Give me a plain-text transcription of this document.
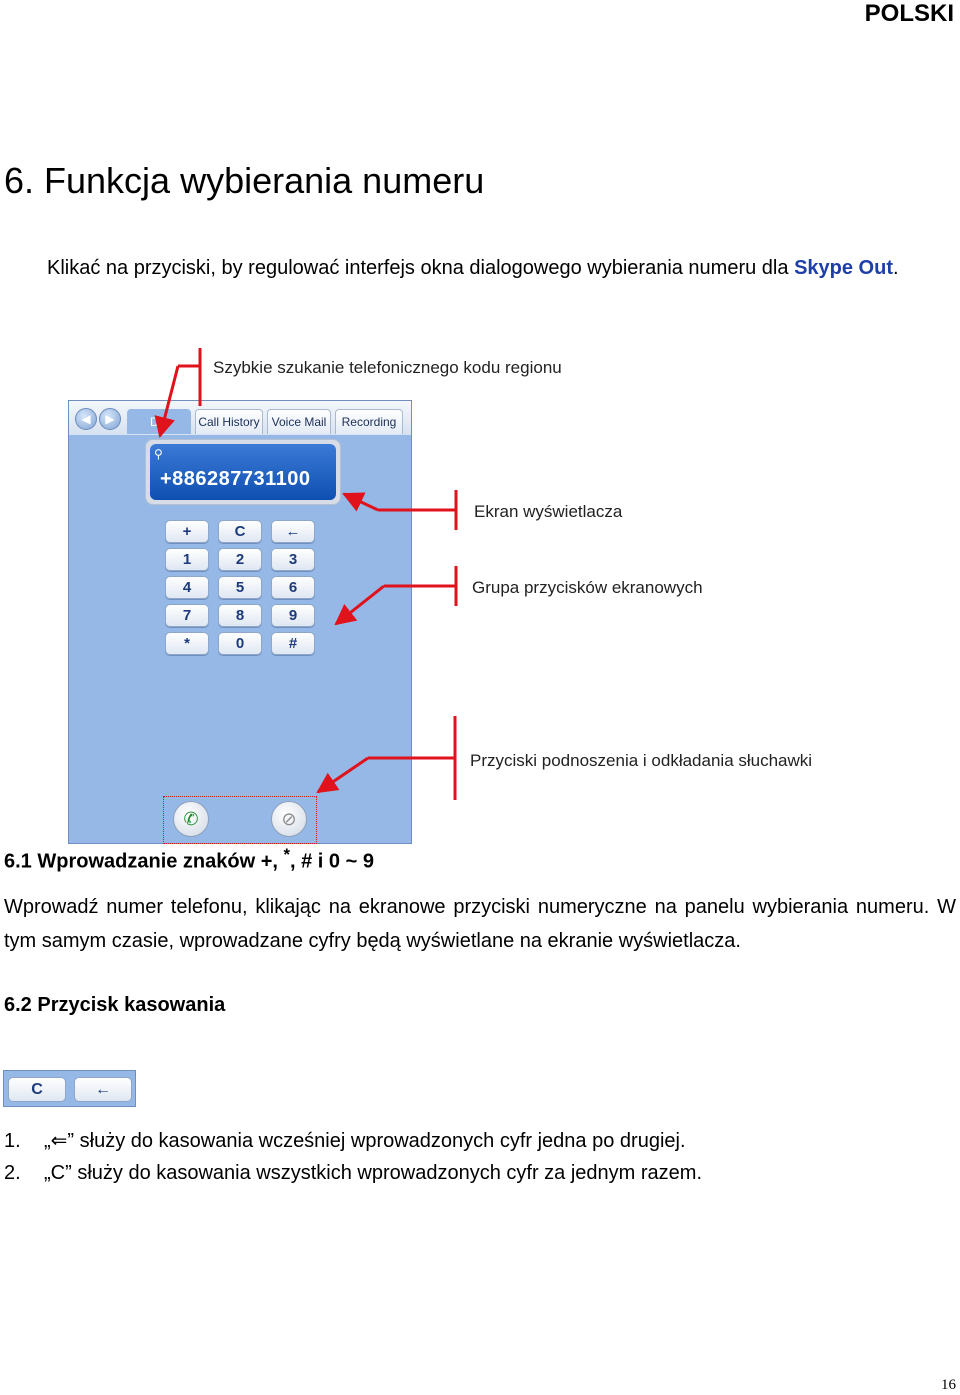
POLSKI
6. Funkcja wybierania numeru
Klikać na przyciski, by regulować interfejs okna dialogowego wybierania numeru dla Skype Out.
Szybkie szukanie telefonicznego kodu regionu
Ekran wyświetlacza
Grupa przycisków ekranowych
Przyciski podnoszenia i odkładania słuchawki
◀	▶	Dia	Call History Voice Mail	Recording
⚲
+886287731100
+	C	←
1	2	3
4	5	6
7	8	9
*	0	#
✆	⊘
6.1 Wprowadzanie znaków +, *, # i 0 ~ 9
Wprowadź numer telefonu, klikając na ekranowe przyciski numeryczne na panelu wybierania numeru. W tym samym czasie, wprowadzane cyfry będą wyświetlane na ekranie wyświetlacza.
6.2 Przycisk kasowania
C	←
1. „⇐” służy do kasowania wcześniej wprowadzonych cyfr jedna po drugiej.
2. „C” służy do kasowania wszystkich wprowadzonych cyfr za jednym razem.
16
